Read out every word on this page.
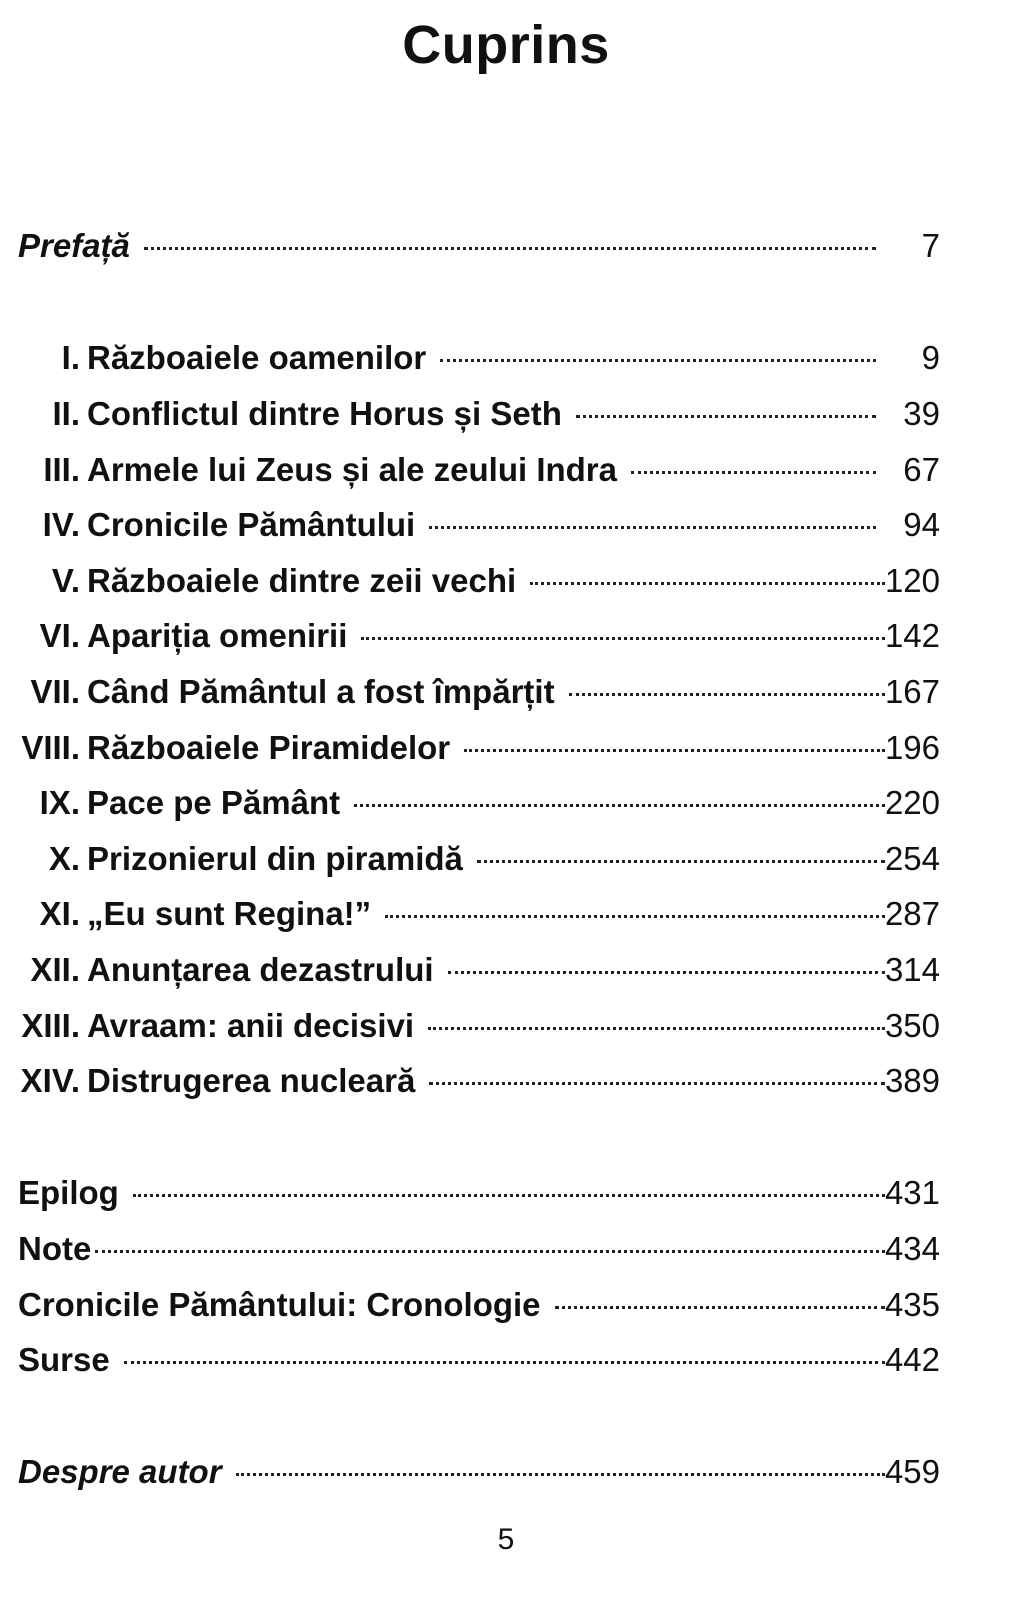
Cuprins
Prefață	7
I. Războaiele oamenilor	9
II. Conflictul dintre Horus și Seth	39
III. Armele lui Zeus și ale zeului Indra	67
IV. Cronicile Pământului	94
V. Războaiele dintre zeii vechi	120
VI. Apariția omenirii	142
VII. Când Pământul a fost împărțit	167
VIII. Războaiele Piramidelor	196
IX. Pace pe Pământ	220
X. Prizonierul din piramidă	254
XI. „Eu sunt Regina!”	287
XII. Anunțarea dezastrului	314
XIII. Avraam: anii decisivi	350
XIV. Distrugerea nucleară	389
Epilog	431
Note	434
Cronicile Pământului: Cronologie	435
Surse	442
Despre autor	459
5
